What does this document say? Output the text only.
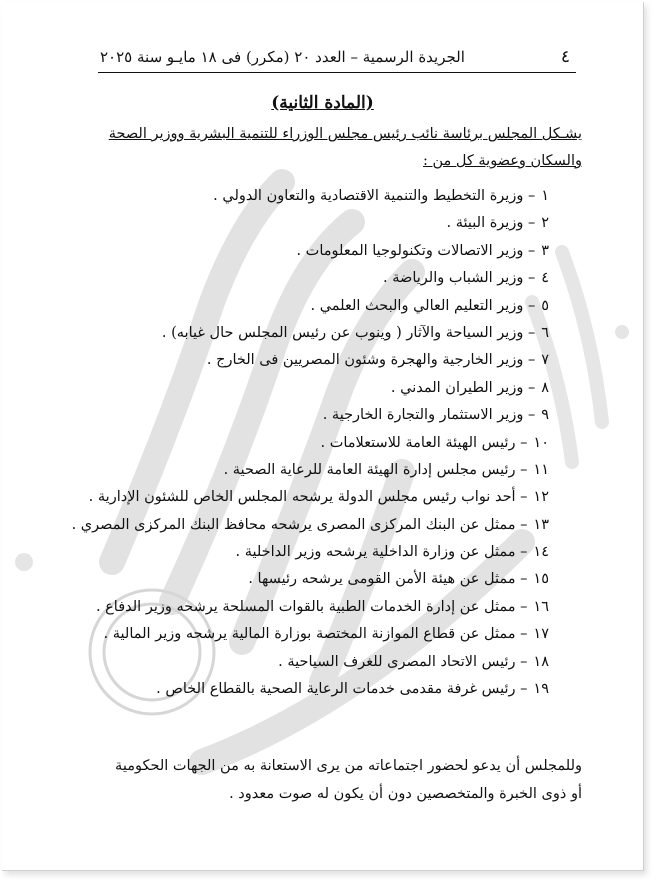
٤
الجريدة الرسمية – العدد ٢٠ (مكرر) فى ١٨ مايـو سنة ٢٠٢٥
(المادة الثانية)
يشـكل المجلس برئاسة نائب رئيس مجلس الوزراء للتنمية البشرية ووزير الصحة
والسكان وعضوية كل من :
١– وزيرة التخطيط والتنمية الاقتصادية والتعاون الدولي .
٢– وزيرة البيئة .
٣– وزير الاتصالات وتكنولوجيا المعلومات .
٤– وزير الشباب والرياضة .
٥– وزير التعليم العالي والبحث العلمي .
٦– وزير السياحة والآثار ( وينوب عن رئيس المجلس حال غيابه) .
٧– وزير الخارجية والهجرة وشئون المصريين فى الخارج .
٨– وزير الطيران المدني .
٩– وزير الاستثمار والتجارة الخارجية .
١٠– رئيس الهيئة العامة للاستعلامات .
١١– رئيس مجلس إدارة الهيئة العامة للرعاية الصحية .
١٢– أحد نواب رئيس مجلس الدولة يرشحه المجلس الخاص للشئون الإدارية .
١٣– ممثل عن البنك المركزى المصرى يرشحه محافظ البنك المركزى المصري .
١٤– ممثل عن وزارة الداخلية يرشحه وزير الداخلية .
١٥– ممثل عن هيئة الأمن القومى يرشحه رئيسها .
١٦– ممثل عن إدارة الخدمات الطبية بالقوات المسلحة يرشحه وزير الدفاع .
١٧– ممثل عن قطاع الموازنة المختصة بوزارة المالية يرشحه وزير المالية .
١٨– رئيس الاتحاد المصرى للغرف السياحية .
١٩– رئيس غرفة مقدمى خدمات الرعاية الصحية بالقطاع الخاص .
وللمجلس أن يدعو لحضور اجتماعاته من يرى الاستعانة به من الجهات الحكومية
أو ذوى الخبرة والمتخصصين دون أن يكون له صوت معدود .
